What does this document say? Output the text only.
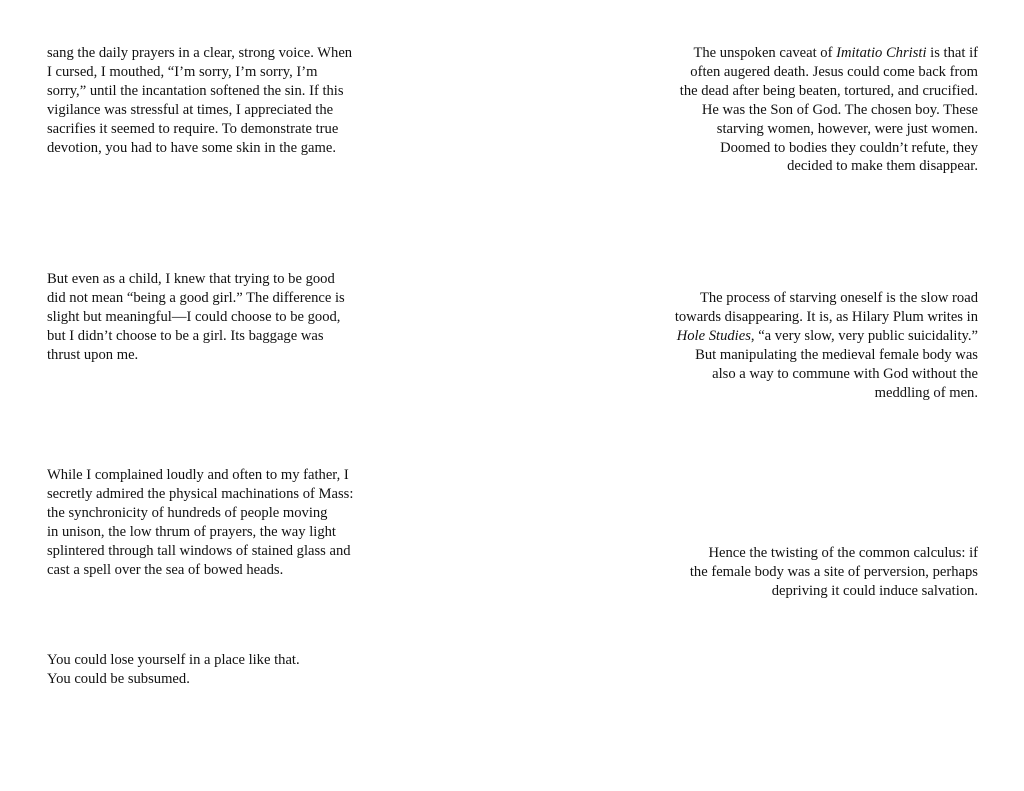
sang the daily prayers in a clear, strong voice. When
I cursed, I mouthed, “I’m sorry, I’m sorry, I’m
sorry,” until the incantation softened the sin. If this
vigilance was stressful at times, I appreciated the
sacrifies it seemed to require. To demonstrate true
devotion, you had to have some skin in the game.

But even as a child, I knew that trying to be good
did not mean “being a good girl.” The difference is
slight but meaningful—I could choose to be good,
but I didn’t choose to be a girl. Its baggage was
thrust upon me.

While I complained loudly and often to my father, I
secretly admired the physical machinations of Mass:
the synchronicity of hundreds of people moving
in unison, the low thrum of prayers, the way light
splintered through tall windows of stained glass and
cast a spell over the sea of bowed heads.

You could lose yourself in a place like that.
You could be subsumed.

The unspoken caveat of Imitatio Christi is that if
often augered death. Jesus could come back from
the dead after being beaten, tortured, and crucified.
He was the Son of God. The chosen boy. These
starving women, however, were just women.
Doomed to bodies they couldn’t refute, they
decided to make them disappear.

The process of starving oneself is the slow road
towards disappearing. It is, as Hilary Plum writes in
Hole Studies, “a very slow, very public suicidality.”
But manipulating the medieval female body was
also a way to commune with God without the
meddling of men.

Hence the twisting of the common calculus: if
the female body was a site of perversion, perhaps
depriving it could induce salvation.
